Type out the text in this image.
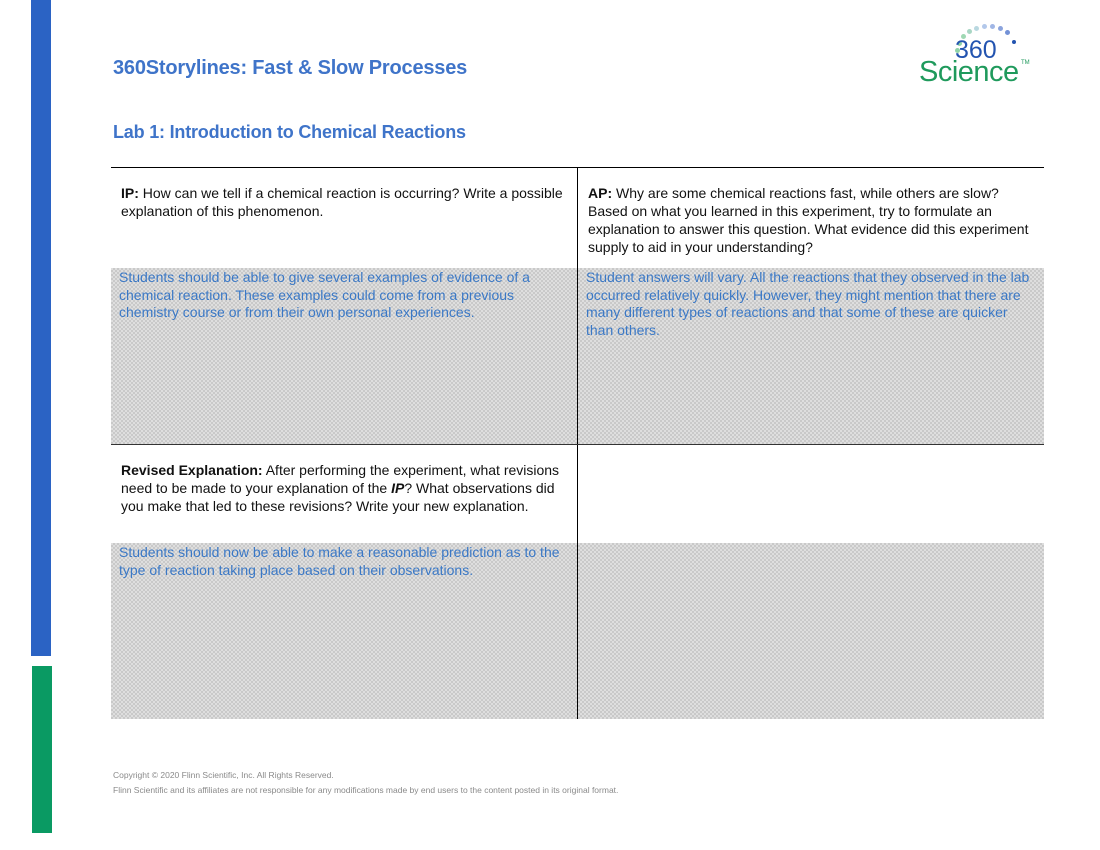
360Storylines: Fast & Slow Processes
Lab 1: Introduction to Chemical Reactions
360
Science TM
IP: How can we tell if a chemical reaction is occurring? Write a possible explanation of this phenomenon.
AP: Why are some chemical reactions fast, while others are slow? Based on what you learned in this experiment, try to formulate an explanation to answer this question. What evidence did this experiment supply to aid in your understanding?
Students should be able to give several examples of evidence of a chemical reaction. These examples could come from a previous chemistry course or from their own personal experiences.
Student answers will vary. All the reactions that they observed in the lab occurred relatively quickly. However, they might mention that there are many different types of reactions and that some of these are quicker than others.
Revised Explanation: After performing the experiment, what revisions need to be made to your explanation of the IP? What observations did you make that led to these revisions? Write your new explanation.
Students should now be able to make a reasonable prediction as to the type of reaction taking place based on their observations.
Copyright © 2020 Flinn Scientific, Inc. All Rights Reserved.
Flinn Scientific and its affiliates are not responsible for any modifications made by end users to the content posted in its original format.
